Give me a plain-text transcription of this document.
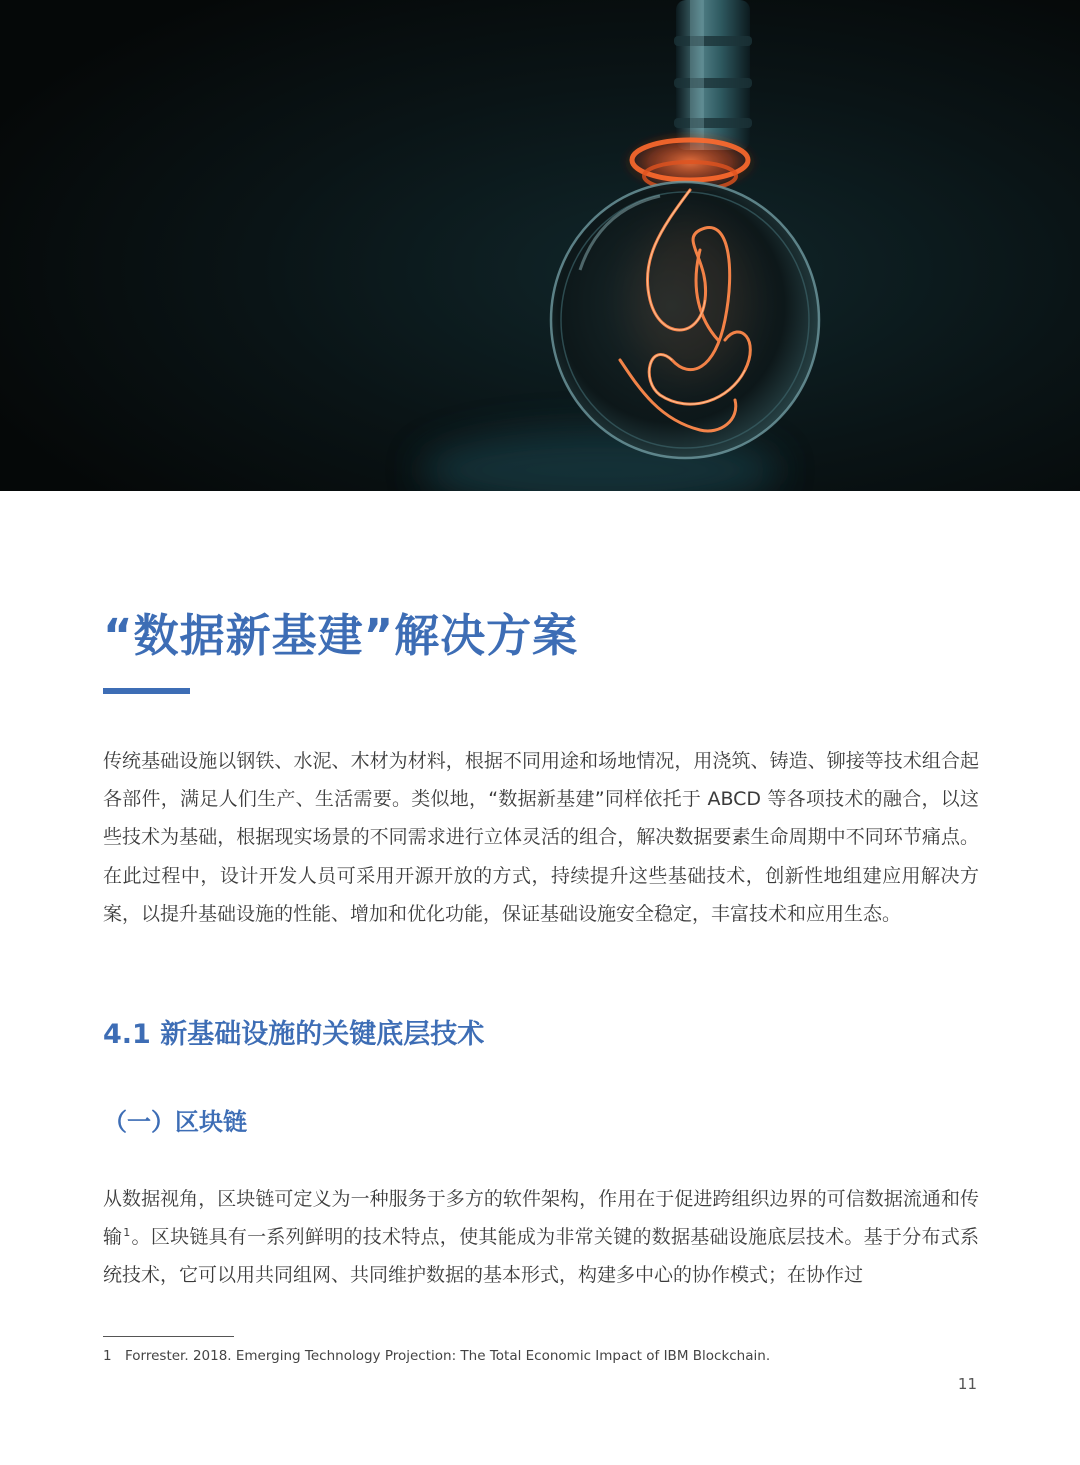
“数据新基建”解决方案

传统基础设施以钢铁、水泥、木材为材料，根据不同用途和场地情况，用浇筑、铸造、铆接等技术组合起各部件，满足人们生产、生活需要。类似地，“数据新基建”同样依托于 ABCD 等各项技术的融合，以这些技术为基础，根据现实场景的不同需求进行立体灵活的组合，解决数据要素生命周期中不同环节痛点。在此过程中，设计开发人员可采用开源开放的方式，持续提升这些基础技术，创新性地组建应用解决方案，以提升基础设施的性能、增加和优化功能，保证基础设施安全稳定，丰富技术和应用生态。

4.1 新基础设施的关键底层技术
（一）区块链

从数据视角，区块链可定义为一种服务于多方的软件架构，作用在于促进跨组织边界的可信数据流通和传输$^1$。区块链具有一系列鲜明的技术特点，使其能成为非常关键的数据基础设施底层技术。基于分布式系统技术，它可以用共同组网、共同维护数据的基本形式，构建多中心的协作模式；在协作过

1 Forrester. 2018. Emerging Technology Projection: The Total Economic Impact of IBM Blockchain.

11
